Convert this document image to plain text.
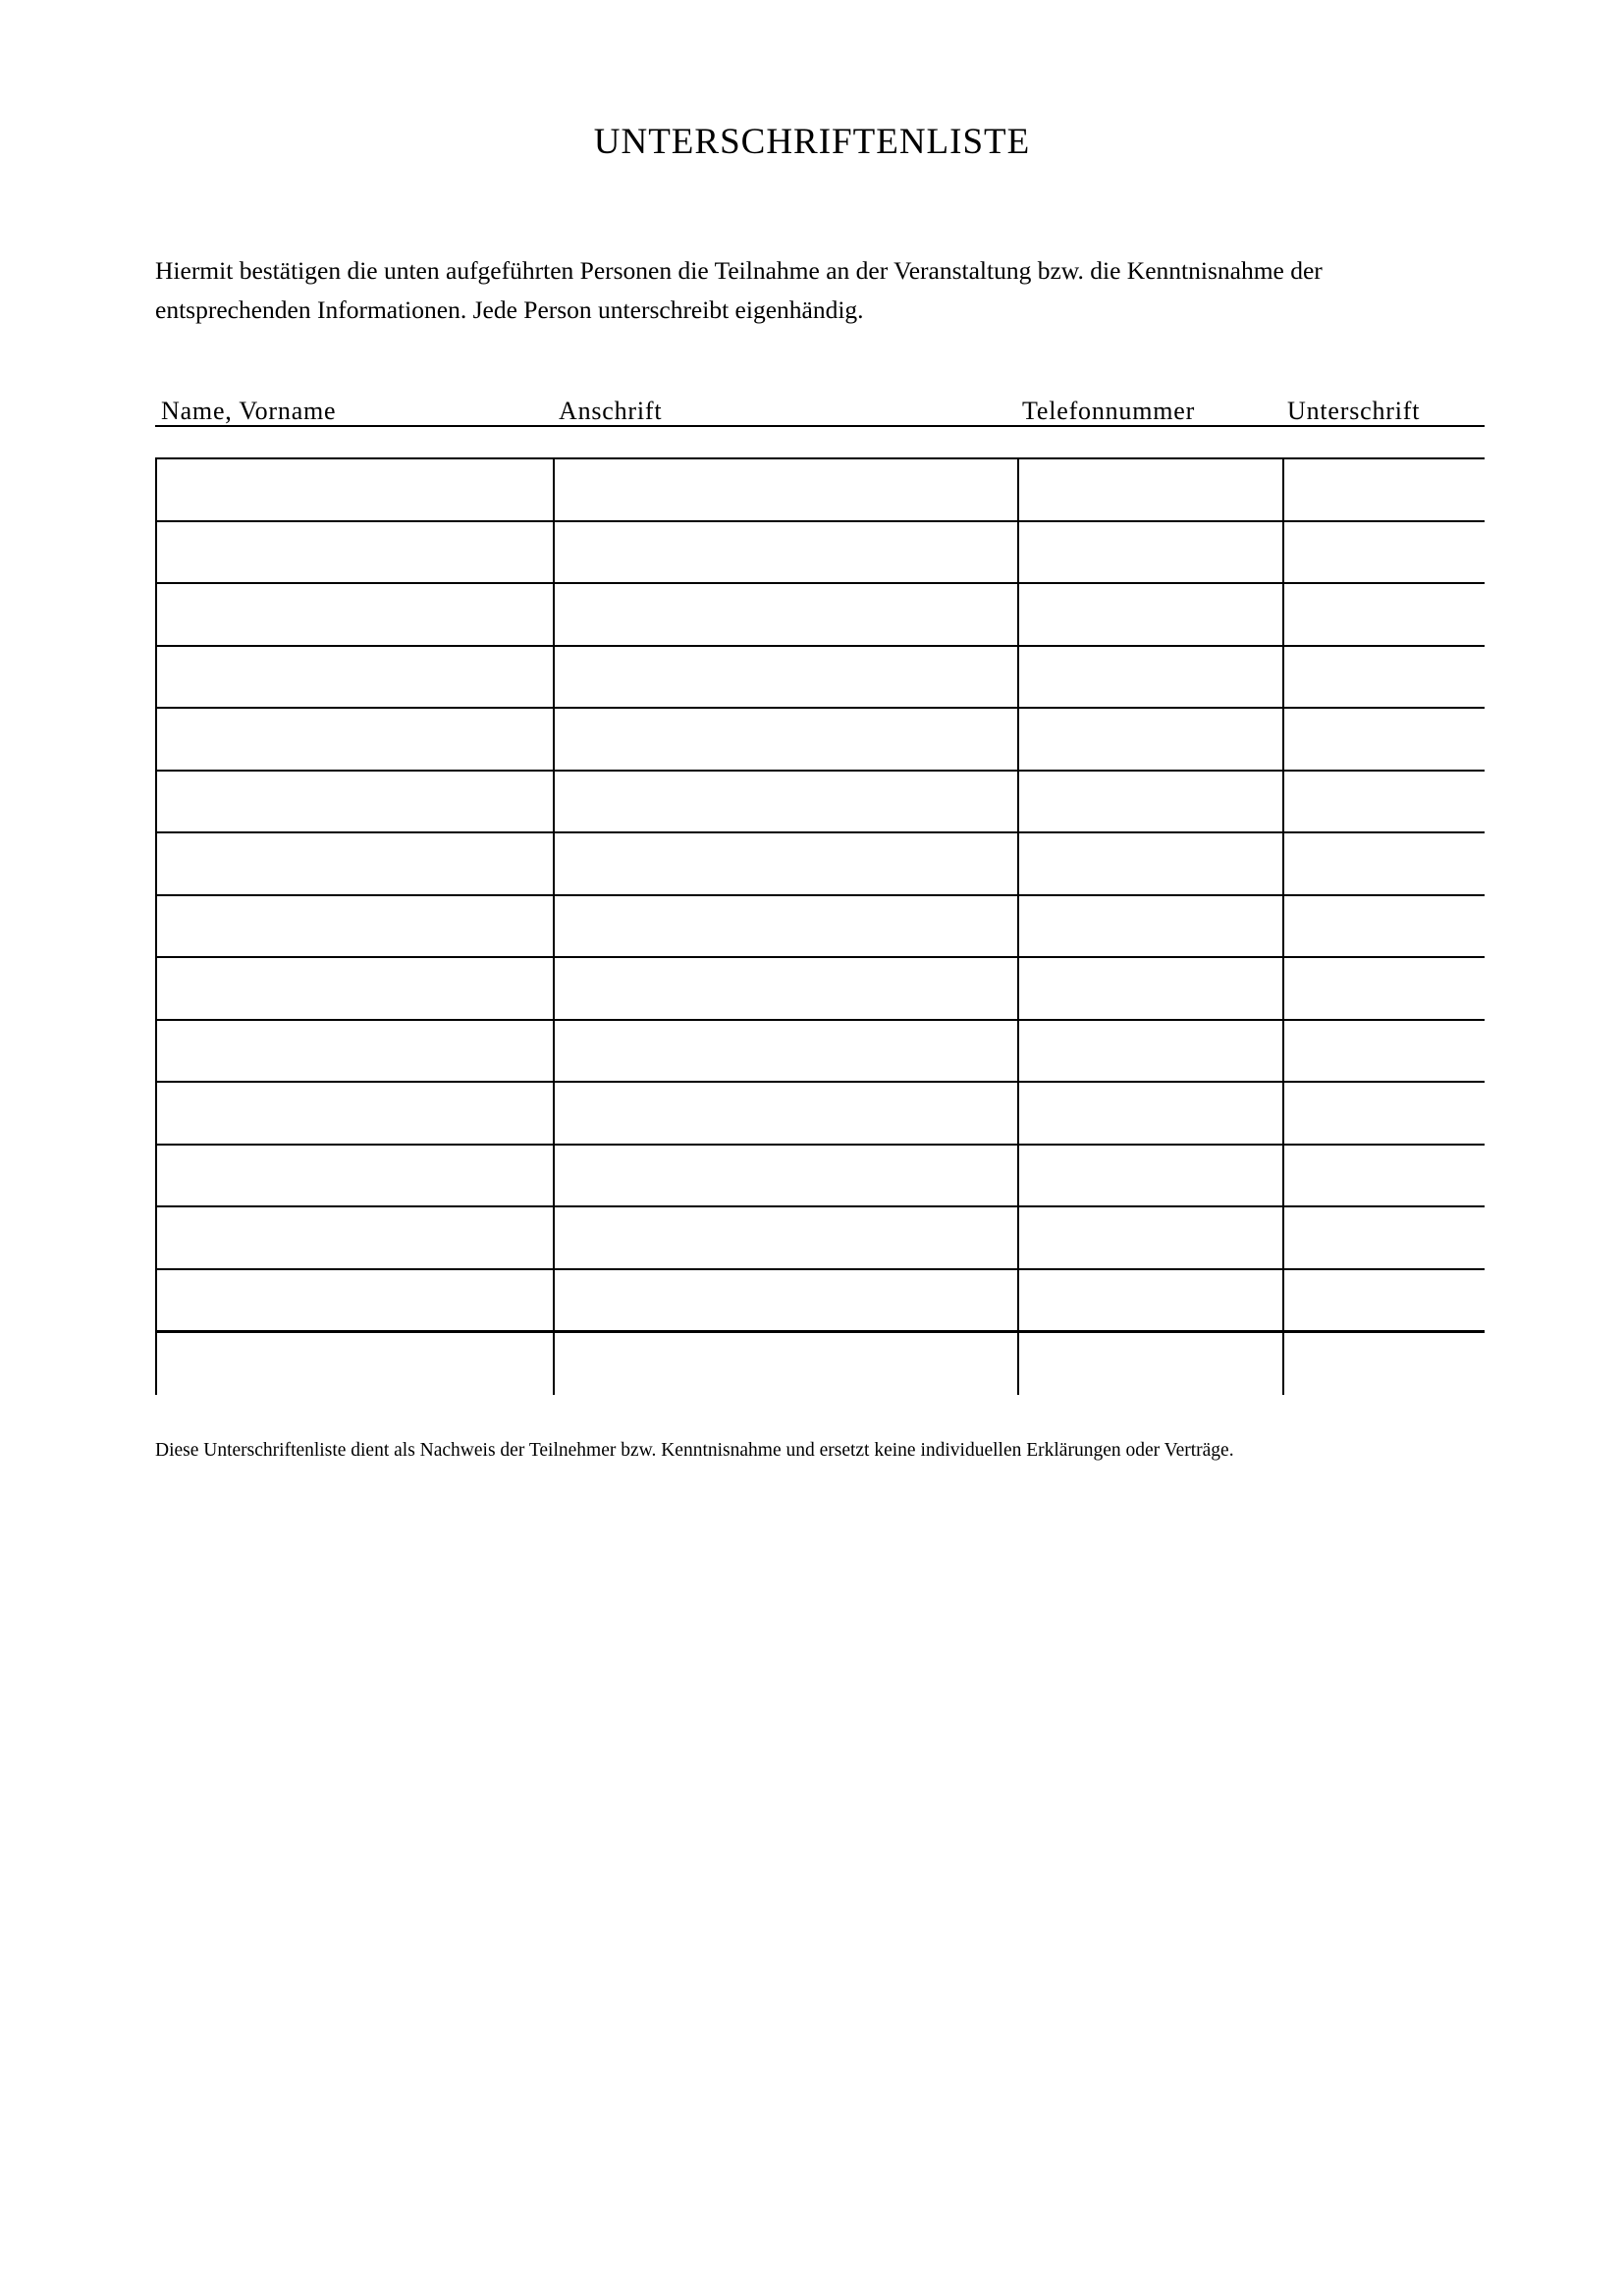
UNTERSCHRIFTENLISTE

Hiermit bestätigen die unten aufgeführten Personen die Teilnahme an der Veranstaltung bzw. die Kenntnisnahme der entsprechenden Informationen. Jede Person unterschreibt eigenhändig.

Name, Vorname	Anschrift	Telefonnummer	Unterschrift

Diese Unterschriftenliste dient als Nachweis der Teilnehmer bzw. Kenntnisnahme und ersetzt keine individuellen Erklärungen oder Verträge.
